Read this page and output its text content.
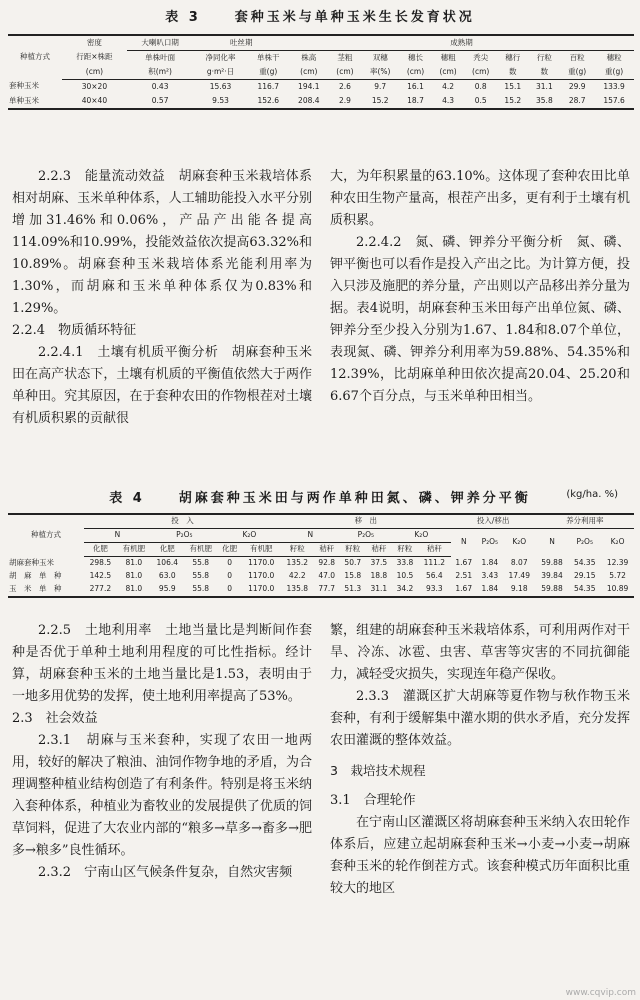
表 3	套种玉米与单种玉米生长发育状况
种植方式	密度	大喇叭口期	吐丝期		成熟期									
	行距×株距	单株叶面	净同化率	单株干	株高	茎粗	双穗	穗长	穗粗	秃尖	穗行	行粒	百粒	穗粒
	(cm)	积(m²)	g·m²·日	重(g)	(cm)	(cm)	率(%)	(cm)	(cm)	(cm)	数	数	重(g)	重(g)
套种玉米	30×20	0.43	15.63	116.7	194.1	2.6	9.7	16.1	4.2	0.8	15.1	31.1	29.9	133.9
单种玉米	40×40	0.57	9.53	152.6	208.4	2.9	15.2	18.7	4.3	0.5	15.2	35.8	28.7	157.6

2.2.3　能量流动效益　胡麻套种玉米栽培体系相对胡麻、玉米单种体系，人工辅助能投入水平分别增加31.46%和0.06%，产品产出能各提高114.09%和10.99%，投能效益依次提高63.32%和10.89%。胡麻套种玉米栽培体系光能利用率为1.30%，而胡麻和玉米单种体系仅为0.83%和1.29%。

2.2.4　物质循环特征

2.2.4.1　土壤有机质平衡分析　胡麻套种玉米田在高产状态下，土壤有机质的平衡值依然大于两作单种田。究其原因，在于套种农田的作物根茬对土壤有机质积累的贡献很

大，为年积累量的63.10%。这体现了套种农田比单种农田生物产量高，根茬产出多，更有利于土壤有机质积累。

2.2.4.2　氮、磷、钾养分平衡分析　氮、磷、钾平衡也可以看作是投入产出之比。为计算方便，投入只涉及施肥的养分量，产出则以产品移出养分量为据。表4说明，胡麻套种玉米田每产出单位氮、磷、钾养分至少投入分别为1.67、1.84和8.07个单位，表现氮、磷、钾养分利用率为59.88%、54.35%和12.39%，比胡麻单种田依次提高20.04、25.20和6.67个百分点，与玉米单种田相当。

表 4	胡麻套种玉米田与两作单种田氮、磷、钾养分平衡	(kg/ha. %)
种植方式	投　入						移　出						投入/移出			养分利用率		
	N		P₂O₅		K₂O		N		P₂O₅		K₂O		N	P₂O₅	K₂O	N	P₂O₅	K₂O
	化肥	有机肥	化肥	有机肥	化肥	有机肥	籽粒	秸秆	籽粒	秸秆	籽粒	秸秆						
胡麻套种玉米	298.5	81.0	106.4	55.8	0	1170.0	135.2	92.8	50.7	37.5	33.8	111.2	1.67	1.84	8.07	59.88	54.35	12.39
胡　麻　单　种	142.5	81.0	63.0	55.8	0	1170.0	42.2	47.0	15.8	18.8	10.5	56.4	2.51	3.43	17.49	39.84	29.15	5.72
玉　米　单　种	277.2	81.0	95.9	55.8	0	1170.0	135.8	77.7	51.3	31.1	34.2	93.3	1.67	1.84	9.18	59.88	54.35	10.89

2.2.5　土地利用率　土地当量比是判断间作套种是否优于单种土地利用程度的可比性指标。经计算，胡麻套种玉米的土地当量比是1.53，表明由于一地多用优势的发挥，使土地利用率提高了53%。

2.3　社会效益

2.3.1　胡麻与玉米套种，实现了农田一地两用，较好的解决了粮油、油饲作物争地的矛盾，为合理调整种植业结构创造了有利条件。特别是将玉米纳入套种体系，种植业为畜牧业的发展提供了优质的饲草饲料，促进了大农业内部的“粮多→草多→畜多→肥多→粮多”良性循环。

2.3.2　宁南山区气候条件复杂，自然灾害频

繁，组建的胡麻套种玉米栽培体系，可利用两作对干旱、冷冻、冰雹、虫害、草害等灾害的不同抗御能力，减轻受灾损失，实现连年稳产保收。

2.3.3　灌溉区扩大胡麻等夏作物与秋作物玉米套种，有利于缓解集中灌水期的供水矛盾，充分发挥农田灌溉的整体效益。

3　栽培技术规程

3.1　合理轮作

在宁南山区灌溉区将胡麻套种玉米纳入农田轮作体系后，应建立起胡麻套种玉米→小麦→小麦→胡麻套种玉米的轮作倒茬方式。该套种模式历年面积比重较大的地区

www.cqvip.com
